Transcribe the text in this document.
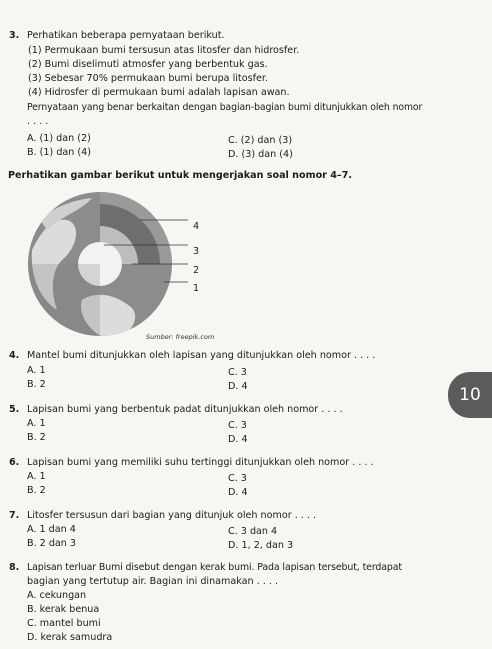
3. Perhatikan beberapa pernyataan berikut.
(1) Permukaan bumi tersusun atas litosfer dan hidrosfer.
(2) Bumi diselimuti atmosfer yang berbentuk gas.
(3) Sebesar 70% permukaan bumi berupa litosfer.
(4) Hidrosfer di permukaan bumi adalah lapisan awan.
Pernyataan yang benar berkaitan dengan bagian-bagian bumi ditunjukkan oleh nomor
. . . .
A. (1) dan (2)
B. (1) dan (4)
C. (2) dan (3)
D. (3) dan (4)
Perhatikan gambar berikut untuk mengerjakan soal nomor 4–7.
4
3
2
1
Sumber: freepik.com
4. Mantel bumi ditunjukkan oleh lapisan yang ditunjukkan oleh nomor . . . .
A. 1
B. 2
C. 3
D. 4	10
5. Lapisan bumi yang berbentuk padat ditunjukkan oleh nomor . . . .
A. 1
B. 2
C. 3
D. 4
6. Lapisan bumi yang memiliki suhu tertinggi ditunjukkan oleh nomor . . . .
A. 1
B. 2
C. 3
D. 4
7. Litosfer tersusun dari bagian yang ditunjuk oleh nomor . . . .
A. 1 dan 4
B. 2 dan 3
C. 3 dan 4
D. 1, 2, dan 3
8. Lapisan terluar Bumi disebut dengan kerak bumi. Pada lapisan tersebut, terdapat
bagian yang tertutup air. Bagian ini dinamakan . . . .
A. cekungan
B. kerak benua
C. mantel bumi
D. kerak samudra
